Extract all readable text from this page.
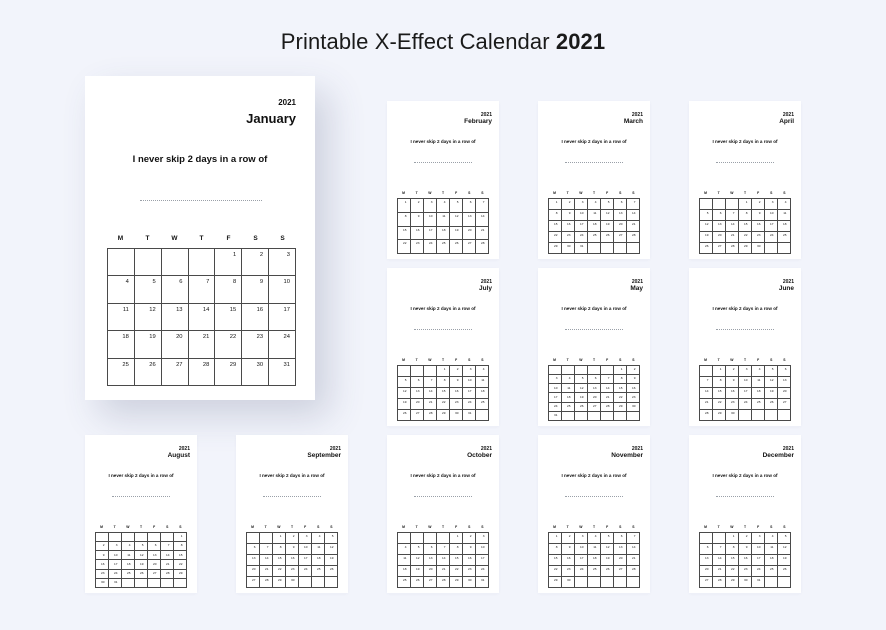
Printable X-Effect Calendar 2021
2021
January
I never skip 2 days in a row of
M	T	W	T	F	S	S

				1	2	3

4	5	6	7	8	9	10

11	12	13	14	15	16	17

18	19	20	21	22	23	24

25	26	27	28	29	30	31
2021
February
I never skip 2 days in a row of
M	T	W	T	F	S	S
1	2	3	4	5	6	7

8	9	10	11	12	13	14

15	16	17	18	19	20	21

22	23	24	25	26	27	28
2021
March
I never skip 2 days in a row of
M	T	W	T	F	S	S
1	2	3	4	5	6	7

8	9	10	11	12	13	14

15	16	17	18	19	20	21

22	23	24	25	26	27	28

29	30	31				

2021
April
I never skip 2 days in a row of
M	T	W	T	F	S	S

			1	2	3	4

5	6	7	8	9	10	11

12	13	14	15	16	17	18

19	20	21	22	23	24	25

26	27	28	29	30		

2021
July
I never skip 2 days in a row of
M	T	W	T	F	S	S

			1	2	3	4

5	6	7	8	9	10	11

12	13	14	15	16	17	18

19	20	21	22	23	24	25

26	27	28	29	30	31	

2021
May
I never skip 2 days in a row of
M	T	W	T	F	S	S

					1	2

3	4	5	6	7	8	9

10	11	12	13	14	15	16

17	18	19	20	21	22	23

24	25	26	27	28	29	30

31						

2021
June
I never skip 2 days in a row of
M	T	W	T	F	S	S

	1	2	3	4	5	6

7	8	9	10	11	12	13

14	15	16	17	18	19	20

21	22	23	24	25	26	27

28	29	30				

2021
August
I never skip 2 days in a row of
M	T	W	T	F	S	S

						1

2	3	4	5	6	7	8

9	10	11	12	13	14	15

16	17	18	19	20	21	22

23	24	25	26	27	28	29

30	31					

2021
September
I never skip 2 days in a row of
M	T	W	T	F	S	S

		1	2	3	4	5

6	7	8	9	10	11	12

13	14	15	16	17	18	19

20	21	22	23	24	25	26

27	28	29	30			

2021
October
I never skip 2 days in a row of
M	T	W	T	F	S	S

				1	2	3

4	5	6	7	8	9	10

11	12	13	14	15	16	17

18	19	20	21	22	23	24

25	26	27	28	29	30	31
2021
November
I never skip 2 days in a row of
M	T	W	T	F	S	S
1	2	3	4	5	6	7

8	9	10	11	12	13	14

15	16	17	18	19	20	21

22	23	24	25	26	27	28

29	30					

2021
December
I never skip 2 days in a row of
M	T	W	T	F	S	S

		1	2	3	4	5

6	7	8	9	10	11	12

13	14	15	16	17	18	19

20	21	22	23	24	25	26

27	28	29	30	31		
